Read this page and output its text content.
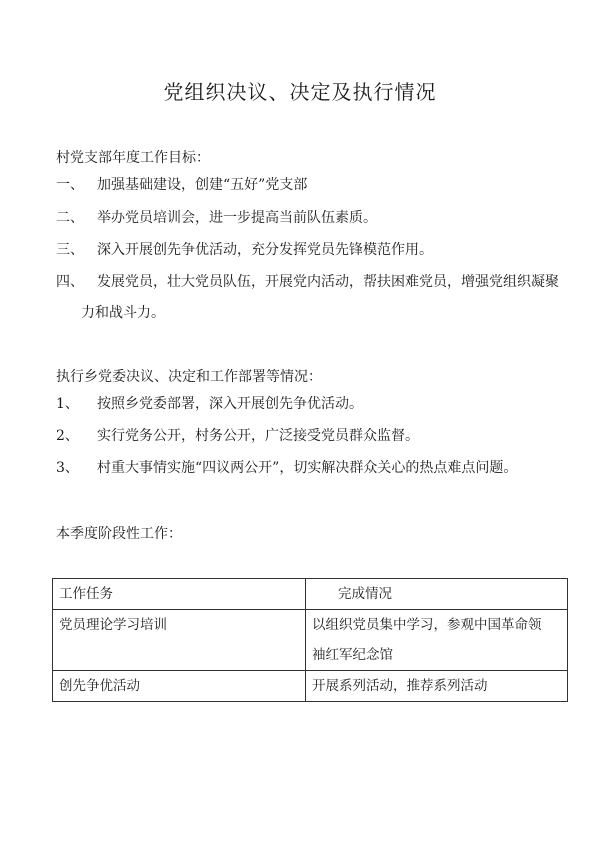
党组织决议、决定及执行情况
村党支部年度工作目标：
一、 加强基础建设，创建“五好”党支部
二、 举办党员培训会，进一步提高当前队伍素质。
三、 深入开展创先争优活动，充分发挥党员先锋模范作用。
四、 发展党员，壮大党员队伍，开展党内活动，帮扶困难党员，增强党组织凝聚
力和战斗力。
执行乡党委决议、决定和工作部署等情况：
1、 按照乡党委部署，深入开展创先争优活动。
2、 实行党务公开，村务公开，广泛接受党员群众监督。
3、 村重大事情实施“四议两公开”，切实解决群众关心的热点难点问题。
本季度阶段性工作：
工作任务	完成情况
党员理论学习培训	以组织党员集中学习，参观中国革命领
袖红军纪念馆

创先争优活动	开展系列活动，推荐系列活动
